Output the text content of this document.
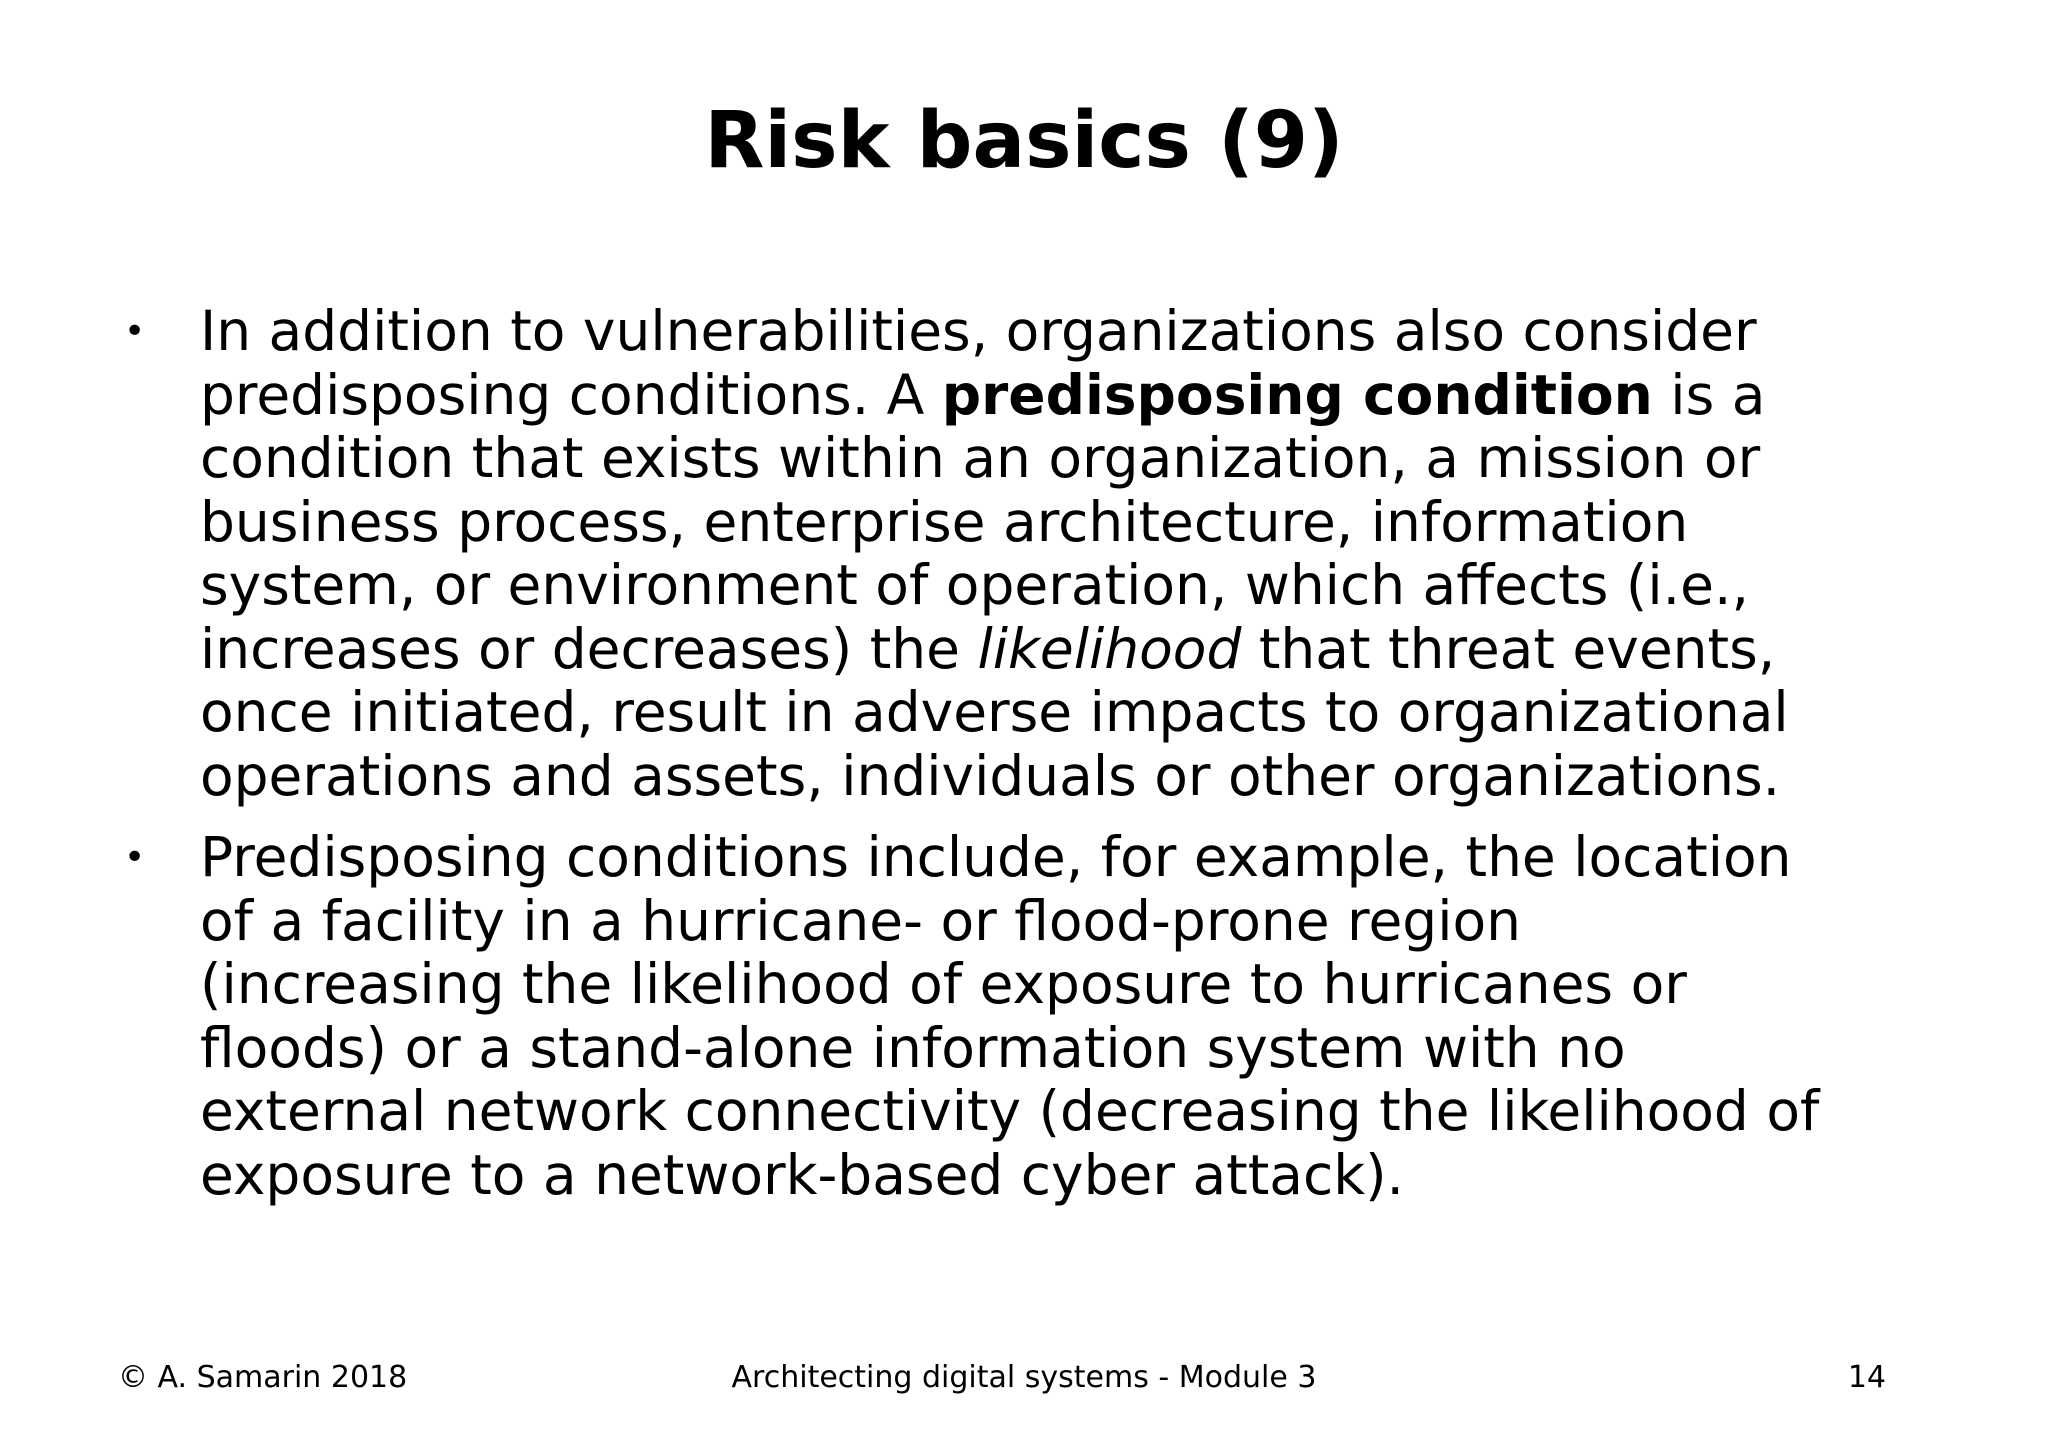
Risk basics (9)
• In addition to vulnerabilities, organizations also consider
predisposing conditions. A predisposing condition is a
condition that exists within an organization, a mission or
business process, enterprise architecture, information
system, or environment of operation, which affects (i.e.,
increases or decreases) the likelihood that threat events,
once initiated, result in adverse impacts to organizational
operations and assets, individuals or other organizations.
• Predisposing conditions include, for example, the location
of a facility in a hurricane- or flood-prone region
(increasing the likelihood of exposure to hurricanes or
floods) or a stand-alone information system with no
external network connectivity (decreasing the likelihood of
exposure to a network-based cyber attack).
© A. Samarin 2018	Architecting digital systems - Module 3	14
